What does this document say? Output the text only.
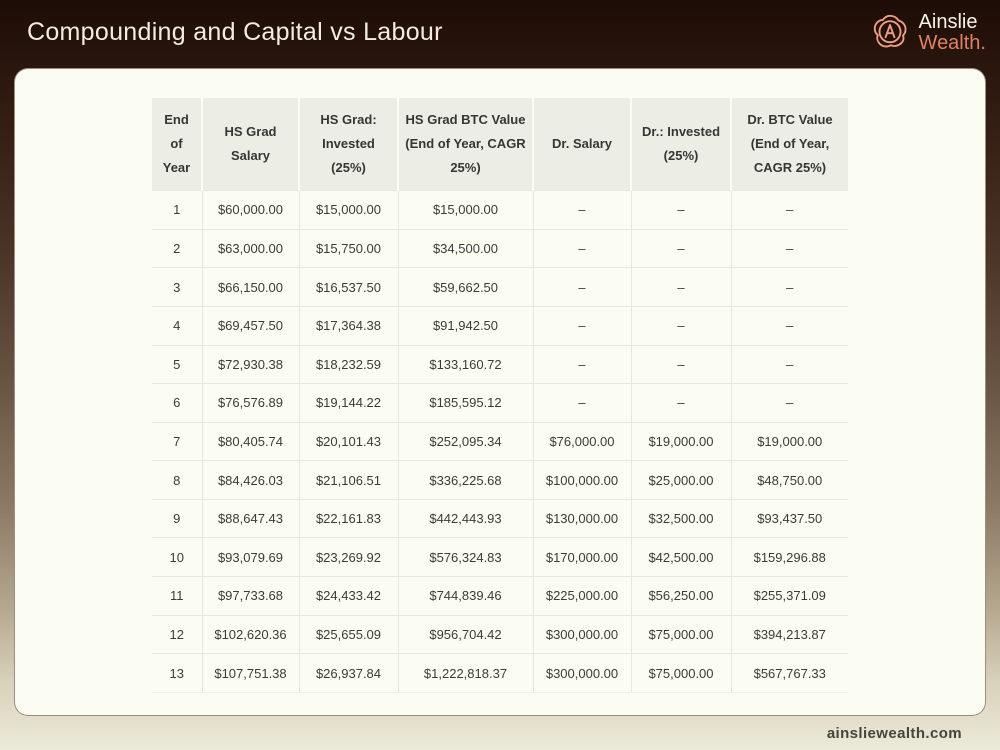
Compounding and Capital vs Labour	Ainslie
Wealth.
End of Year	HS Grad Salary	HS Grad: Invested (25%)	HS Grad BTC Value (End of Year, CAGR 25%)	Dr. Salary	Dr.: Invested (25%)	Dr. BTC Value (End of Year, CAGR 25%)
1	$60,000.00	$15,000.00	$15,000.00	–	–	–
2	$63,000.00	$15,750.00	$34,500.00	–	–	–
3	$66,150.00	$16,537.50	$59,662.50	–	–	–
4	$69,457.50	$17,364.38	$91,942.50	–	–	–
5	$72,930.38	$18,232.59	$133,160.72	–	–	–
6	$76,576.89	$19,144.22	$185,595.12	–	–	–
7	$80,405.74	$20,101.43	$252,095.34	$76,000.00	$19,000.00	$19,000.00
8	$84,426.03	$21,106.51	$336,225.68	$100,000.00	$25,000.00	$48,750.00
9	$88,647.43	$22,161.83	$442,443.93	$130,000.00	$32,500.00	$93,437.50
10	$93,079.69	$23,269.92	$576,324.83	$170,000.00	$42,500.00	$159,296.88
11	$97,733.68	$24,433.42	$744,839.46	$225,000.00	$56,250.00	$255,371.09
12	$102,620.36	$25,655.09	$956,704.42	$300,000.00	$75,000.00	$394,213.87
13	$107,751.38	$26,937.84	$1,222,818.37	$300,000.00	$75,000.00	$567,767.33
ainsliewealth.com
